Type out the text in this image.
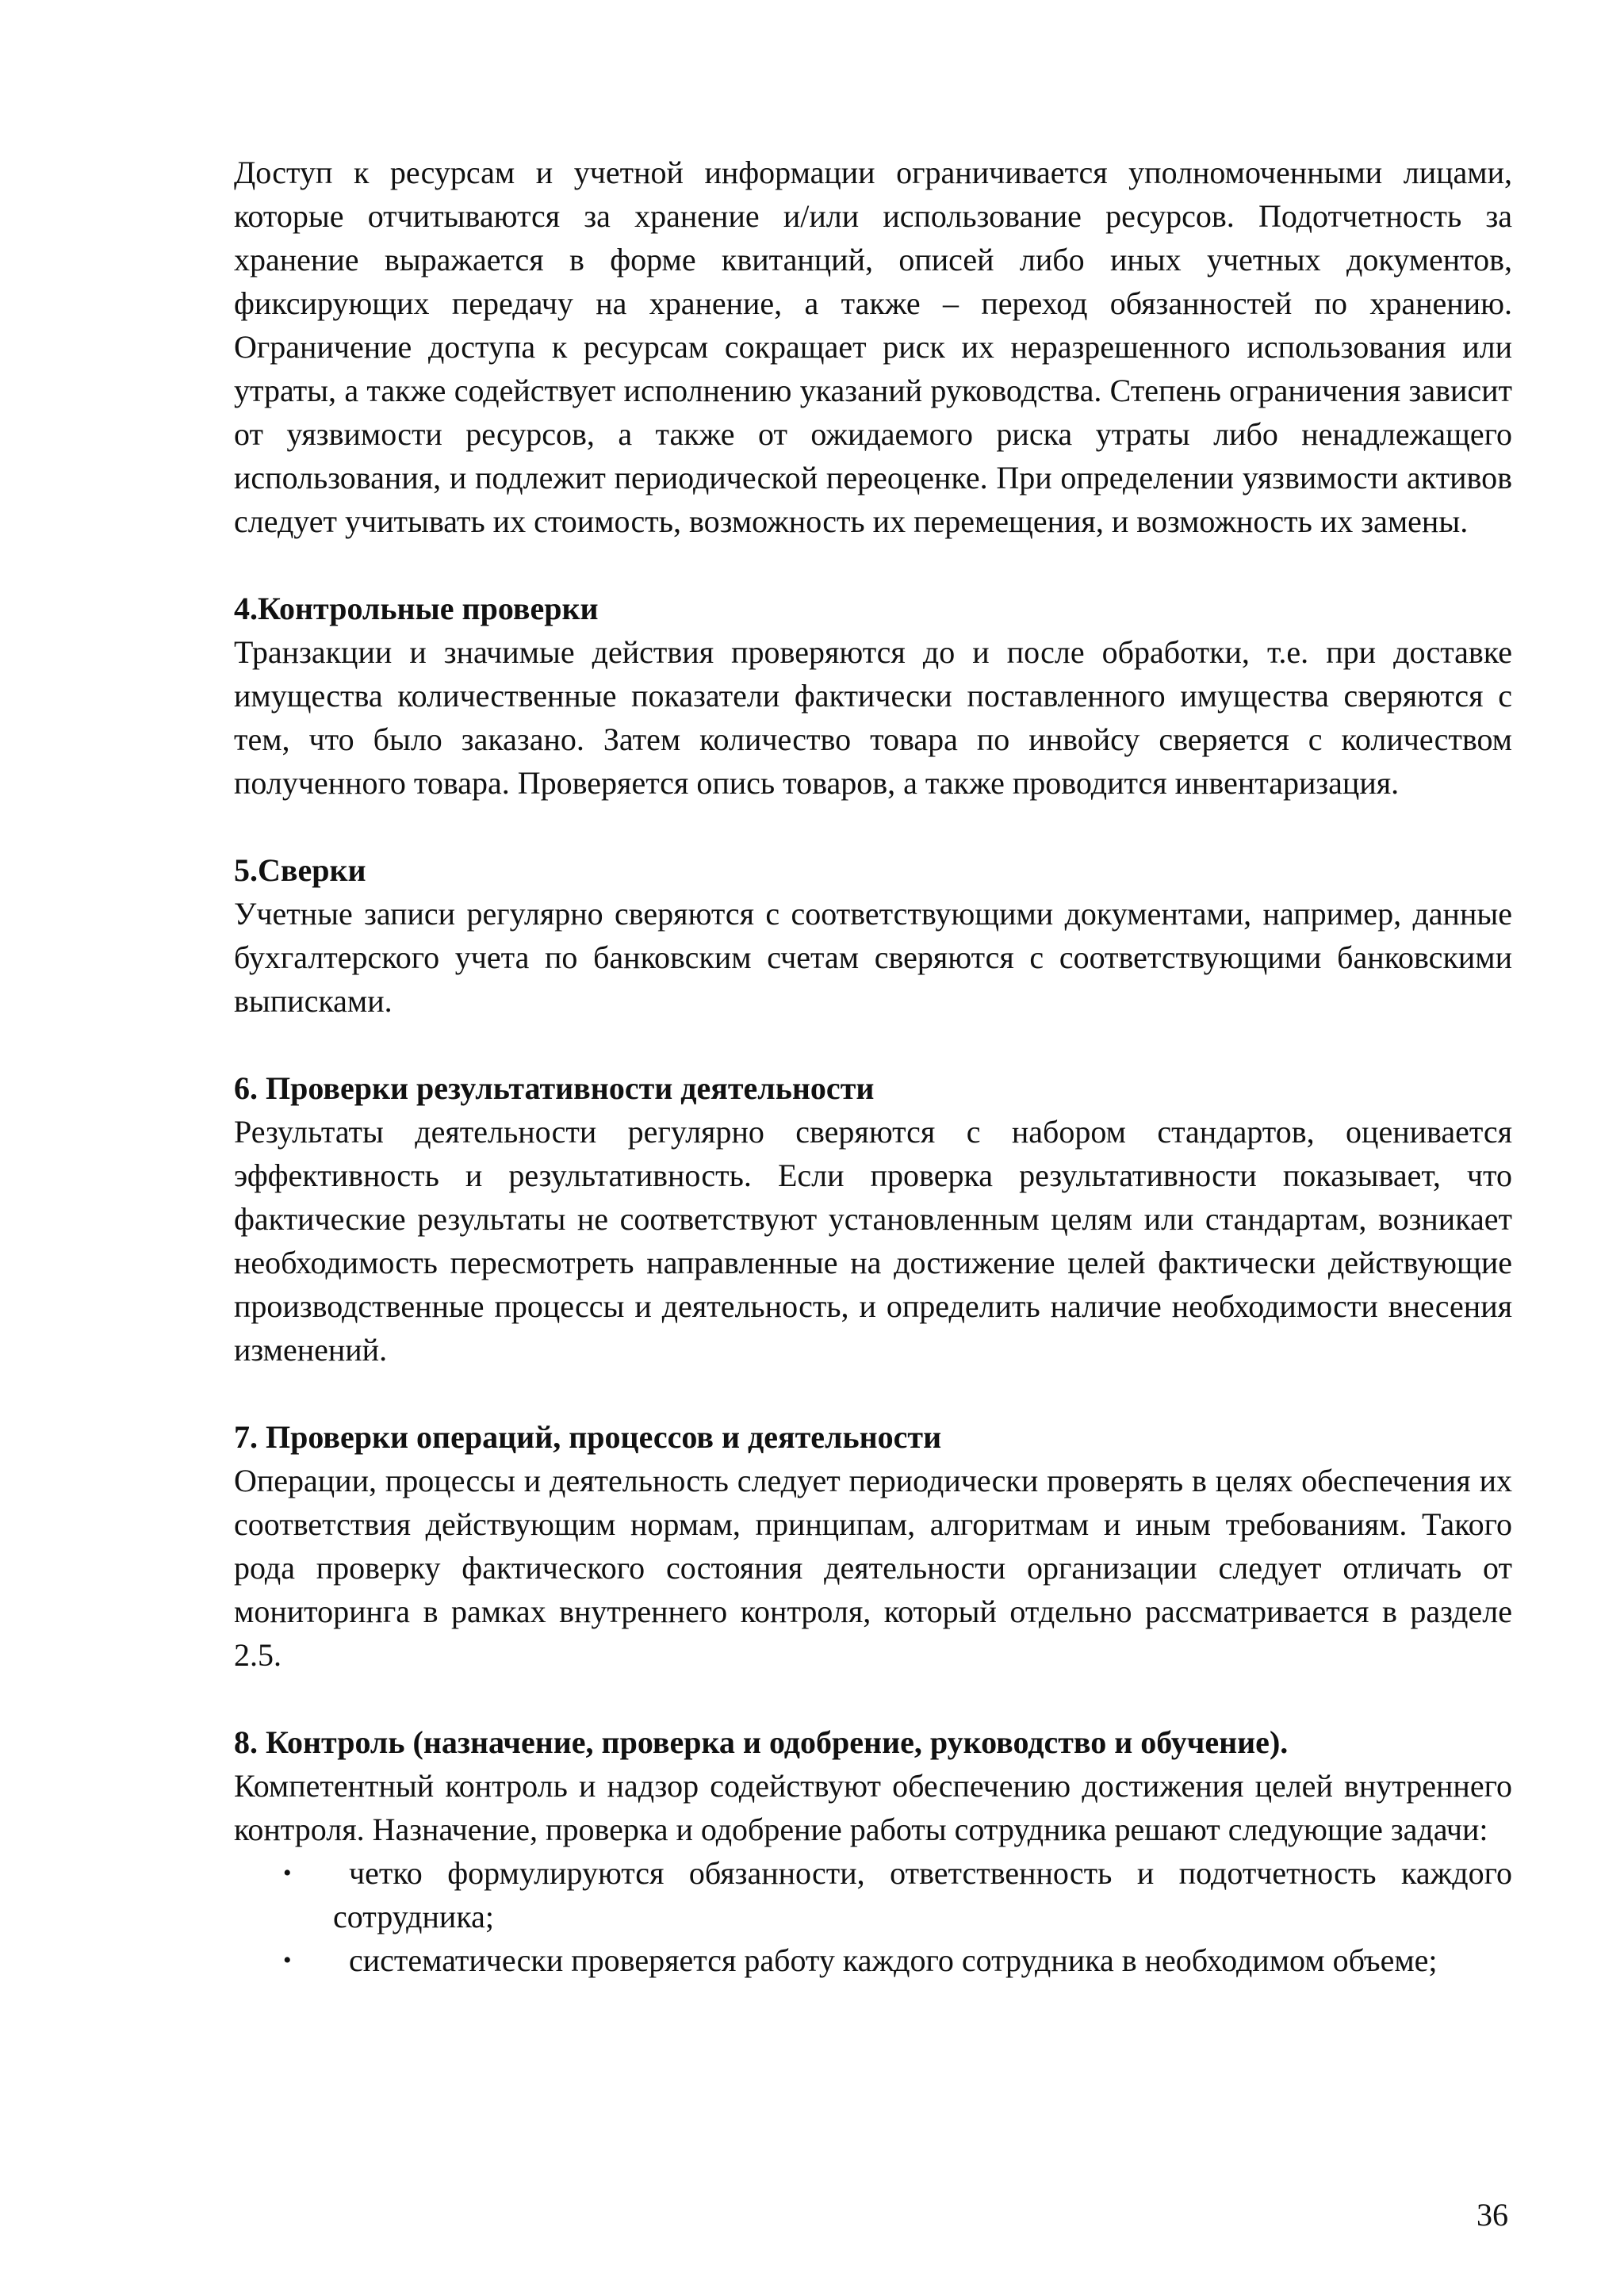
Доступ к ресурсам и учетной информации ограничивается уполномоченными лицами, которые отчитываются за хранение и/или использование ресурсов. Подотчетность за хранение выражается в форме квитанций, описей либо иных учетных документов, фиксирующих передачу на хранение, а также – переход обязанностей по хранению. Ограничение доступа к ресурсам сокращает риск их неразрешенного использования или утраты, а также содействует исполнению указаний руководства. Степень ограничения зависит от уязвимости ресурсов, а также от ожидаемого риска утраты либо ненадлежащего использования, и подлежит периодической переоценке. При определении уязвимости активов следует учитывать их стоимость, возможность их перемещения, и возможность их замены.

4.Контрольные проверки

Транзакции и значимые действия проверяются до и после обработки, т.е. при доставке имущества количественные показатели фактически поставленного имущества сверяются с тем, что было заказано. Затем количество товара по инвойсу сверяется с количеством полученного товара. Проверяется опись товаров, а также проводится инвентаризация.

5.Сверки

Учетные записи регулярно сверяются с соответствующими документами, например, данные бухгалтерского учета по банковским счетам сверяются с соответствующими банковскими выписками.

6. Проверки результативности деятельности

Результаты деятельности регулярно сверяются с набором стандартов, оценивается эффективность и результативность. Если проверка результативности показывает, что фактические результаты не соответствуют установленным целям или стандартам, возникает необходимость пересмотреть направленные на достижение целей фактически действующие производственные процессы и деятельность, и определить наличие необходимости внесения изменений.

7. Проверки операций, процессов и деятельности

Операции, процессы и деятельность следует периодически проверять в целях обеспечения их соответствия действующим нормам, принципам, алгоритмам и иным требованиям. Такого рода проверку фактического состояния деятельности организации следует отличать от мониторинга в рамках внутреннего контроля, который отдельно рассматривается в разделе 2.5.

8. Контроль (назначение, проверка и одобрение, руководство и обучение).

Компетентный контроль и надзор содействуют обеспечению достижения целей внутреннего контроля. Назначение, проверка и одобрение работы сотрудника решают следующие задачи:

• четко формулируются обязанности, ответственность и подотчетность каждого сотрудника;
• систематически проверяется работу каждого сотрудника в необходимом объеме;
36
